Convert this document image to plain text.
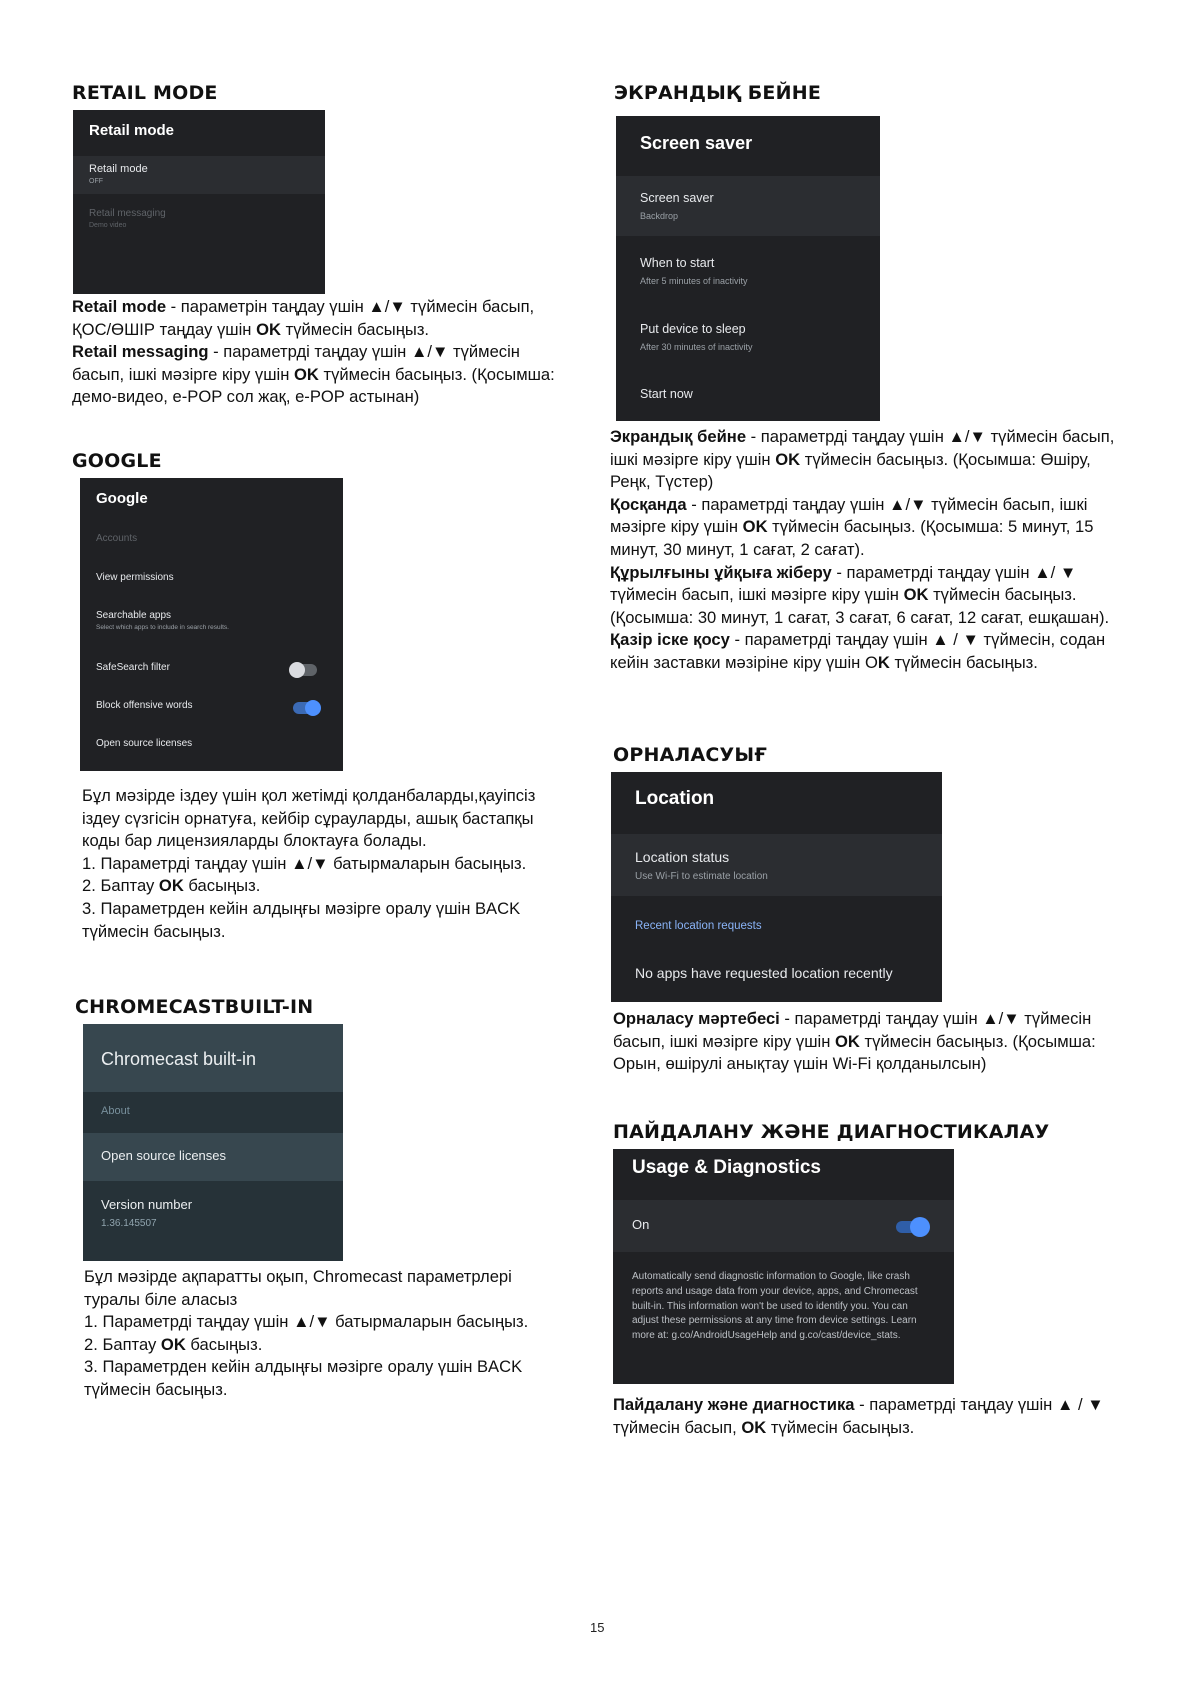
RETAIL MODE
Retail mode
Retail mode
OFF
Retail messaging
Demo video
Retail mode - параметрін таңдау үшін ▲/▼ түймесін басып, ҚОС/ӨШІР таңдау үшін OK түймесін басыңыз.
Retail messaging - параметрді таңдау үшін ▲/▼ түймесін басып, ішкі мәзірге кіру үшін OK түймесін басыңыз. (Қосымша: демо-видео, e-POP сол жақ, e-POP астынан)
GOOGLE
Google
Accounts
View permissions
Searchable apps
Select which apps to include in search results.
SafeSearch filter
Block offensive words
Open source licenses
Бұл мәзірде іздеу үшін қол жетімді қолданбаларды,қауіпсіз іздеу сүзгісін орнатуға, кейбір сұрауларды, ашық бастапқы коды бар лицензияларды блоктауға болады.
1. Параметрді таңдау үшін ▲/▼ батырмаларын басыңыз.
2. Баптау OK басыңыз.
3. Параметрден кейін алдыңғы мәзірге оралу үшін BACK түймесін басыңыз.
CHROMECASTBUILT-IN
Chromecast built-in
About
Open source licenses
Version number
1.36.145507
Бұл мәзірде ақпаратты оқып, Chromecast параметрлері туралы біле аласыз
1. Параметрді таңдау үшін ▲/▼ батырмаларын басыңыз.
2. Баптау OK басыңыз.
3. Параметрден кейін алдыңғы мәзірге оралу үшін BACK түймесін басыңыз.
ЭКРАНДЫҚ БЕЙНЕ
Screen saver
Screen saver
Backdrop
When to start
After 5 minutes of inactivity
Put device to sleep
After 30 minutes of inactivity
Start now
Экрандық бейне - параметрді таңдау үшін ▲/▼ түймесін басып, ішкі мәзірге кіру үшін OK түймесін басыңыз. (Қосымша: Өшіру, Реңк, Түстер)
Қосқанда - параметрді таңдау үшін ▲/▼ түймесін басып, ішкі мәзірге кіру үшін OK түймесін басыңыз. (Қосымша: 5 минут, 15 минут, 30 минут, 1 сағат, 2 сағат).
Құрылғыны ұйқыға жіберу - параметрді таңдау үшін ▲/ ▼ түймесін басып, ішкі мәзірге кіру үшін OK түймесін басыңыз. (Қосымша: 30 минут, 1 сағат, 3 сағат, 6 сағат, 12 сағат, ешқашан).
Қазір іске қосу - параметрді таңдау үшін ▲ / ▼ түймесін, содан кейін заставки мәзіріне кіру үшін OK түймесін басыңыз.
ОРНАЛАСУЫҒ
Location
Location status
Use Wi-Fi to estimate location
Recent location requests
No apps have requested location recently
Орналасу мәртебесі - параметрді таңдау үшін ▲/▼ түймесін басып, ішкі мәзірге кіру үшін OK түймесін басыңыз. (Қосымша: Орын, өшірулі анықтау үшін Wi-Fi қолданылсын)
ПАЙДАЛАНУ ЖӘНЕ ДИАГНОСТИКАЛАУ
Usage & Diagnostics
On
Automatically send diagnostic information to Google, like crash reports and usage data from your device, apps, and Chromecast built-in. This information won't be used to identify you. You can adjust these permissions at any time from device settings. Learn more at: g.co/AndroidUsageHelp and g.co/cast/device_stats.
Пайдалану және диагностика - параметрді таңдау үшін ▲ / ▼ түймесін басып, OK түймесін басыңыз.
15
